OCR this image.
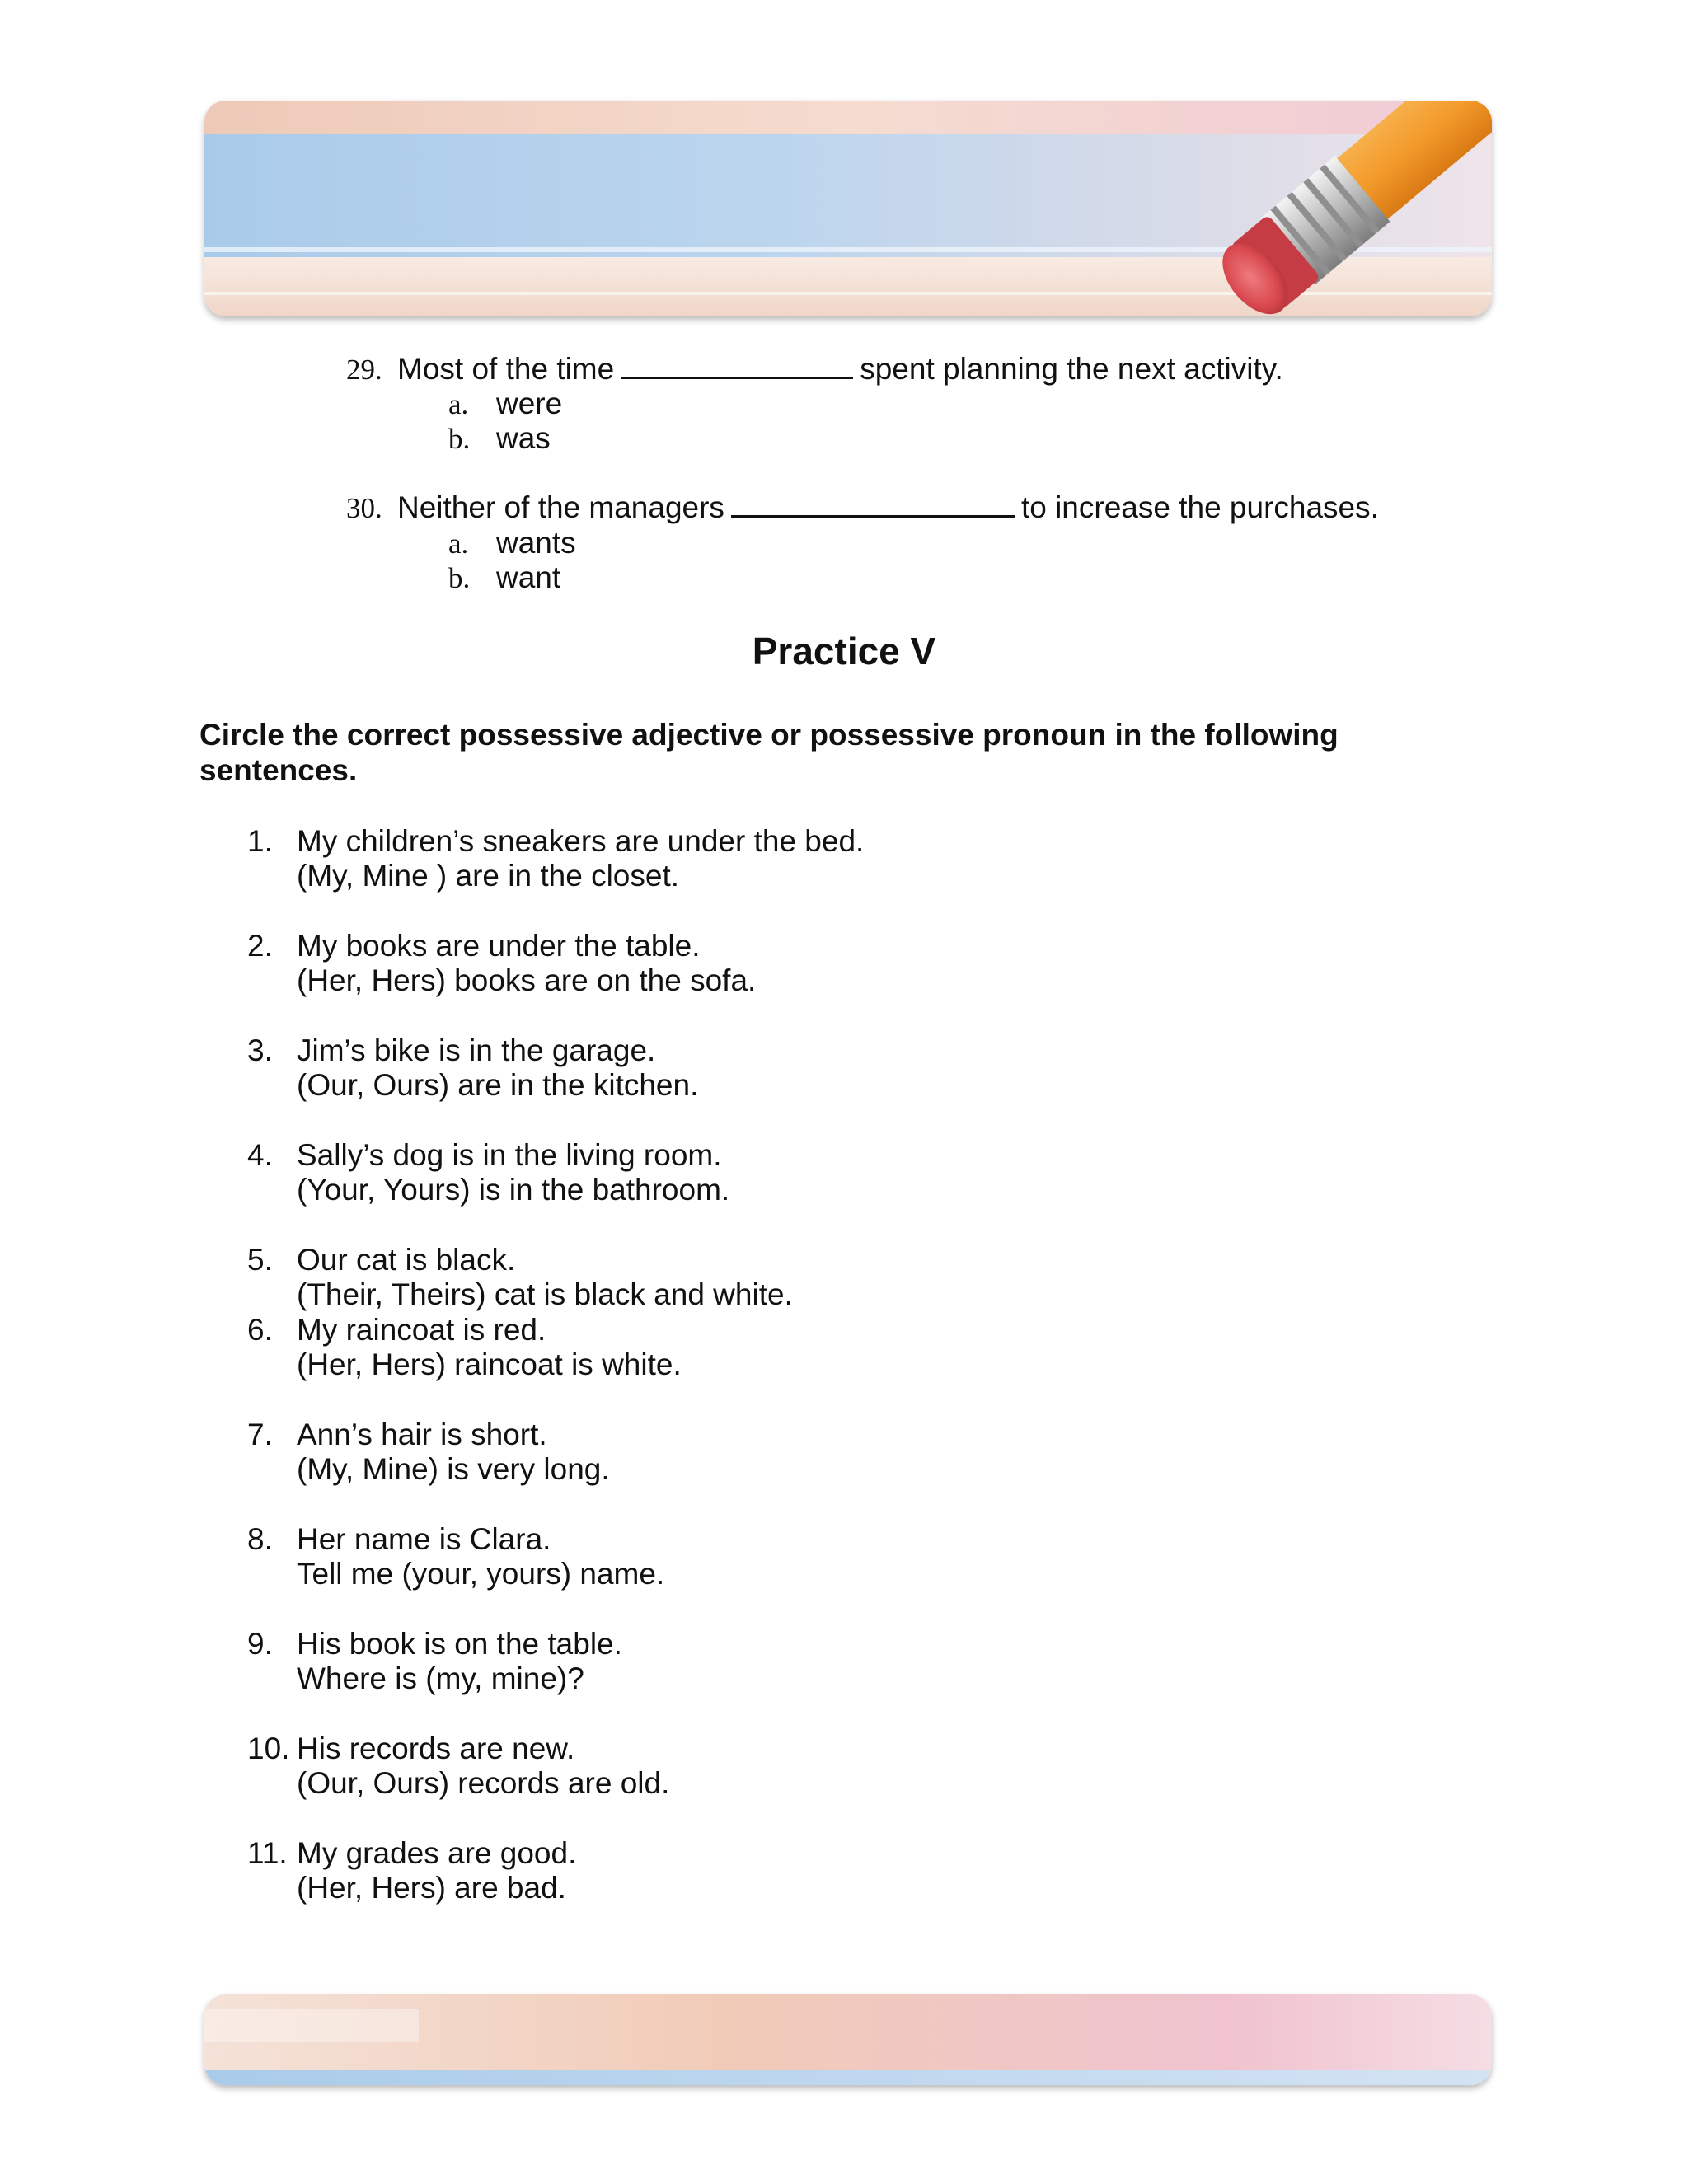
29. Most of the time	spent planning the next activity.
a. were
b. was
30. Neither of the managers	to increase the purchases.
a. wants
b. want
Practice V
Circle the correct possessive adjective or possessive pronoun in the following sentences.
1. My children’s sneakers are under the bed.
(My, Mine ) are in the closet.
2. My books are under the table.
(Her, Hers) books are on the sofa.
3. Jim’s bike is in the garage.
(Our, Ours) are in the kitchen.
4. Sally’s dog is in the living room.
(Your, Yours) is in the bathroom.
5. Our cat is black.
(Their, Theirs) cat is black and white.
6. My raincoat is red.
(Her, Hers) raincoat is white.
7. Ann’s hair is short.
(My, Mine) is very long.
8. Her name is Clara.
Tell me (your, yours) name.
9. His book is on the table.
Where is (my, mine)?
10. His records are new.
(Our, Ours) records are old.
11. My grades are good.
(Her, Hers) are bad.
